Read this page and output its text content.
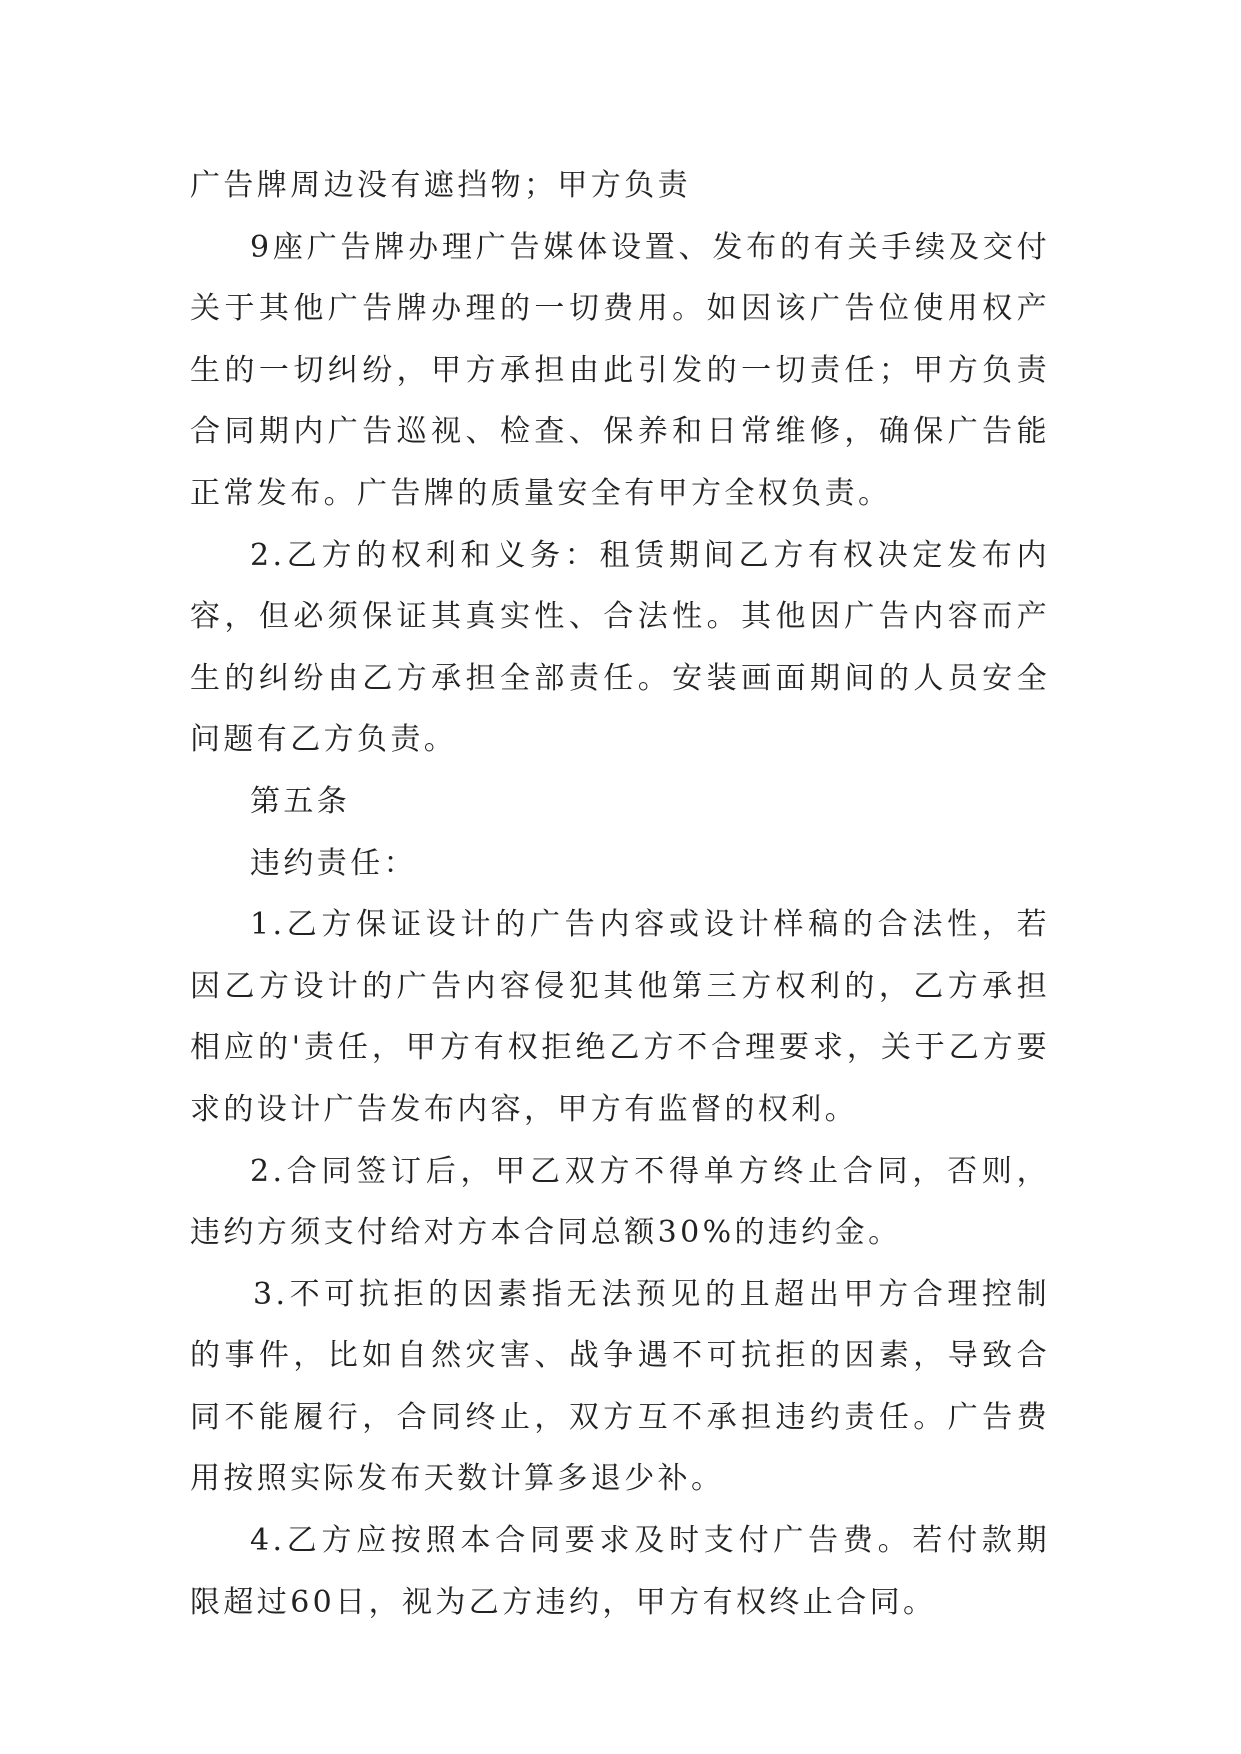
广告牌周边没有遮挡物；甲方负责

9座广告牌办理广告媒体设置、发布的有关手续及交付关于其他广告牌办理的一切费用。如因该广告位使用权产生的一切纠纷，甲方承担由此引发的一切责任；甲方负责合同期内广告巡视、检查、保养和日常维修，确保广告能正常发布。广告牌的质量安全有甲方全权负责。

2.乙方的权利和义务：租赁期间乙方有权决定发布内容，但必须保证其真实性、合法性。其他因广告内容而产生的纠纷由乙方承担全部责任。安装画面期间的人员安全问题有乙方负责。

第五条

违约责任：

1.乙方保证设计的广告内容或设计样稿的合法性，若因乙方设计的广告内容侵犯其他第三方权利的，乙方承担相应的'责任，甲方有权拒绝乙方不合理要求，关于乙方要求的设计广告发布内容，甲方有监督的权利。

2.合同签订后，甲乙双方不得单方终止合同，否则，违约方须支付给对方本合同总额30%的违约金。

3.不可抗拒的因素指无法预见的且超出甲方合理控制的事件，比如自然灾害、战争遇不可抗拒的因素，导致合同不能履行，合同终止，双方互不承担违约责任。广告费用按照实际发布天数计算多退少补。

4.乙方应按照本合同要求及时支付广告费。若付款期限超过60日，视为乙方违约，甲方有权终止合同。
